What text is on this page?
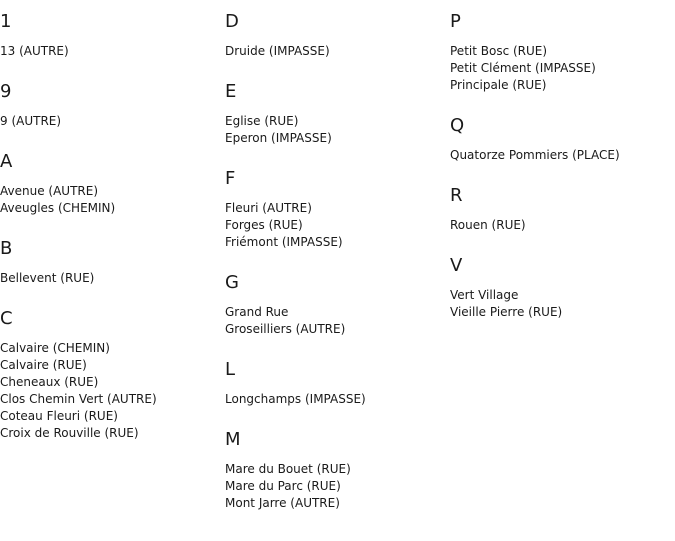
1
13 (AUTRE)
9
9 (AUTRE)
A
Avenue (AUTRE)
Aveugles (CHEMIN)
B
Bellevent (RUE)
C
Calvaire (CHEMIN)
Calvaire (RUE)
Cheneaux (RUE)
Clos Chemin Vert (AUTRE)
Coteau Fleuri (RUE)
Croix de Rouville (RUE)
D
Druide (IMPASSE)
E
Eglise (RUE)
Eperon (IMPASSE)
F
Fleuri (AUTRE)
Forges (RUE)
Friémont (IMPASSE)
G
Grand Rue
Groseilliers (AUTRE)
L
Longchamps (IMPASSE)
M
Mare du Bouet (RUE)
Mare du Parc (RUE)
Mont Jarre (AUTRE)
P
Petit Bosc (RUE)
Petit Clément (IMPASSE)
Principale (RUE)
Q
Quatorze Pommiers (PLACE)
R
Rouen (RUE)
V
Vert Village
Vieille Pierre (RUE)
